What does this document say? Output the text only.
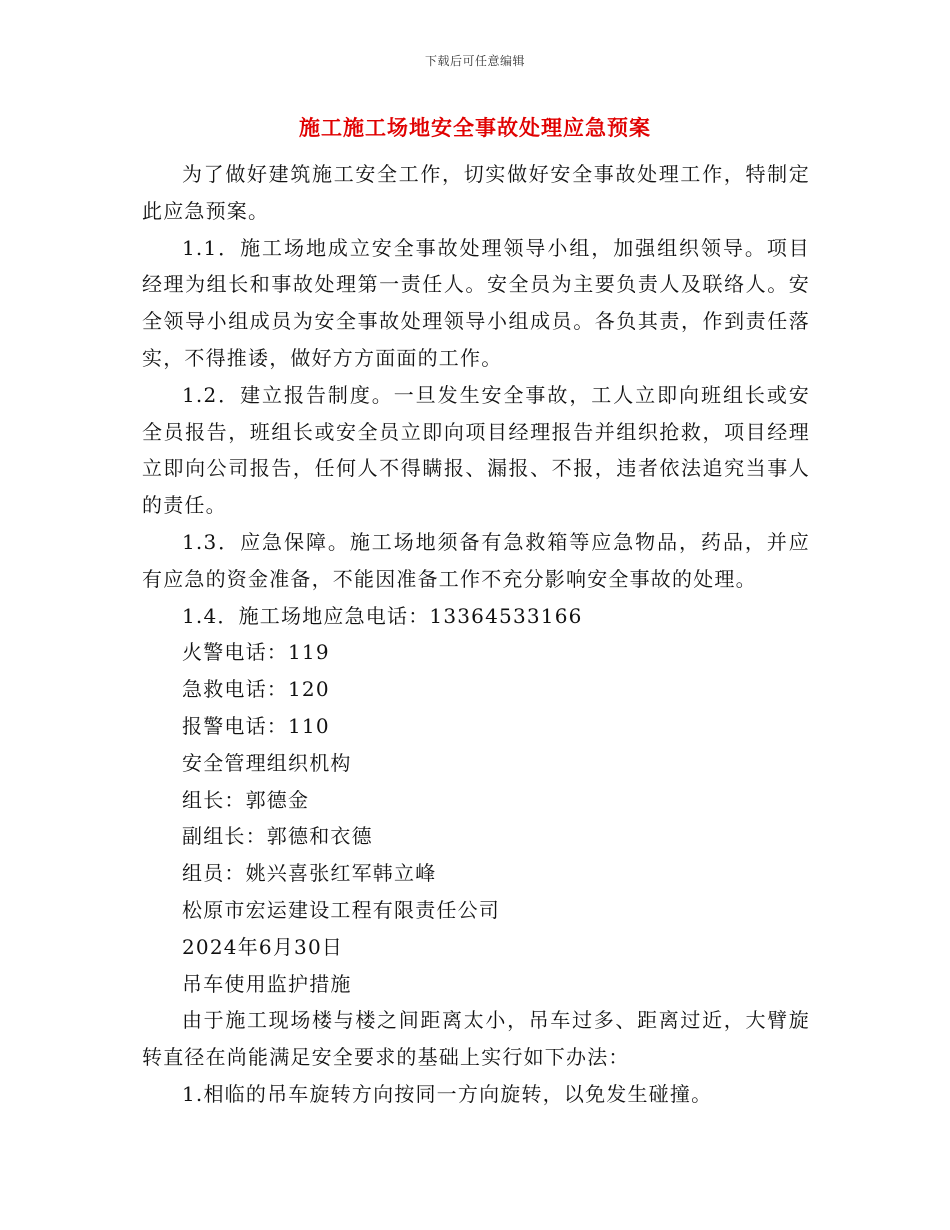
下载后可任意编辑
施工施工场地安全事故处理应急预案

为了做好建筑施工安全工作，切实做好安全事故处理工作，特制定此应急预案。

1.1．施工场地成立安全事故处理领导小组，加强组织领导。项目经理为组长和事故处理第一责任人。安全员为主要负责人及联络人。安全领导小组成员为安全事故处理领导小组成员。各负其责，作到责任落实，不得推诿，做好方方面面的工作。

1.2．建立报告制度。一旦发生安全事故，工人立即向班组长或安全员报告，班组长或安全员立即向项目经理报告并组织抢救，项目经理立即向公司报告，任何人不得瞒报、漏报、不报，违者依法追究当事人的责任。

1.3．应急保障。施工场地须备有急救箱等应急物品，药品，并应有应急的资金准备，不能因准备工作不充分影响安全事故的处理。

1.4．施工场地应急电话：13364533166

火警电话：119

急救电话：120

报警电话：110

安全管理组织机构

组长：郭德金

副组长：郭德和衣德

组员：姚兴喜张红军韩立峰

松原市宏运建设工程有限责任公司

2024年6月30日

吊车使用监护措施

由于施工现场楼与楼之间距离太小，吊车过多、距离过近，大臂旋转直径在尚能满足安全要求的基础上实行如下办法：

1.相临的吊车旋转方向按同一方向旋转，以免发生碰撞。
